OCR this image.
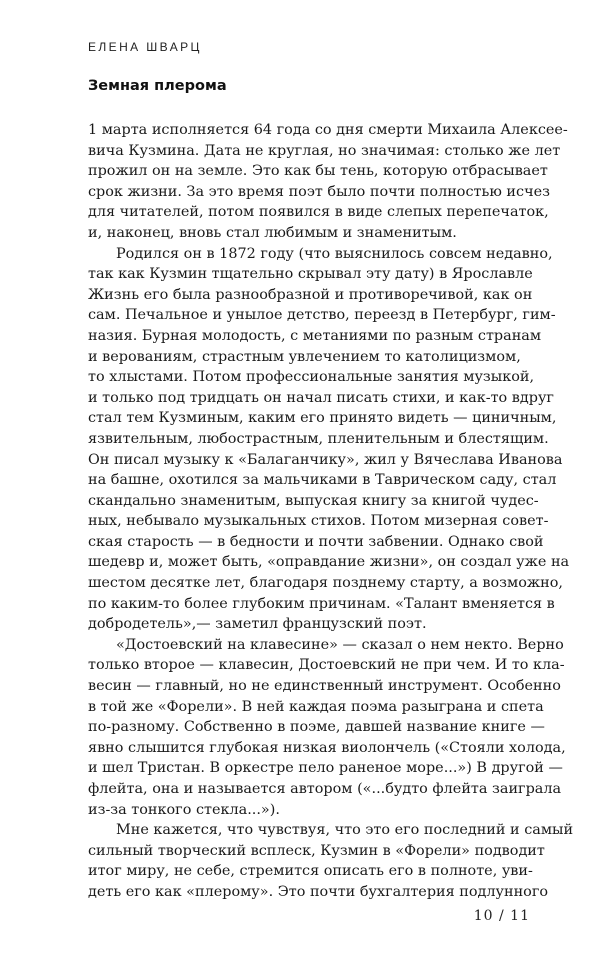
ЕЛЕНА ШВАРЦ
Земная плерома
1 марта исполняется 64 года со дня смерти Михаила Алексее-
вича Кузмина. Дата не круглая, но значимая: столько же лет
прожил он на земле. Это как бы тень, которую отбрасывает
срок жизни. За это время поэт было почти полностью исчез
для читателей, потом появился в виде слепых перепечаток,
и, наконец, вновь стал любимым и знаменитым.
Родился он в 1872 году (что выяснилось совсем недавно,
так как Кузмин тщательно скрывал эту дату) в Ярославле
Жизнь его была разнообразной и противоречивой, как он
сам. Печальное и унылое детство, переезд в Петербург, гим-
назия. Бурная молодость, с метаниями по разным странам
и верованиям, страстным увлечением то католицизмом,
то хлыстами. Потом профессиональные занятия музыкой,
и только под тридцать он начал писать стихи, и как-то вдруг
стал тем Кузминым, каким его принято видеть — циничным,
язвительным, любострастным, пленительным и блестящим.
Он писал музыку к «Балаганчику», жил у Вячеслава Иванова
на башне, охотился за мальчиками в Таврическом саду, стал
скандально знаменитым, выпуская книгу за книгой чудес-
ных, небывало музыкальных стихов. Потом мизерная совет-
ская старость — в бедности и почти забвении. Однако свой
шедевр и, может быть, «оправдание жизни», он создал уже на
шестом десятке лет, благодаря позднему старту, а возможно,
по каким-то более глубоким причинам. «Талант вменяется в
добродетель»,— заметил французский поэт.
«Достоевский на клавесине» — сказал о нем некто. Верно
только второе — клавесин, Достоевский не при чем. И то кла-
весин — главный, но не единственный инструмент. Особенно
в той же «Форели». В ней каждая поэма разыграна и спета
по-разному. Собственно в поэме, давшей название книге —
явно слышится глубокая низкая виолончель («Стояли холода,
и шел Тристан. В оркестре пело раненое море...») В другой —
флейта, она и называется автором («...будто флейта заиграла
из-за тонкого стекла...»).
Мне кажется, что чувствуя, что это его последний и самый
сильный творческий всплеск, Кузмин в «Форели» подводит
итог миру, не себе, стремится описать его в полноте, уви-
деть его как «плерому». Это почти бухгалтерия подлунного
10 / 11
